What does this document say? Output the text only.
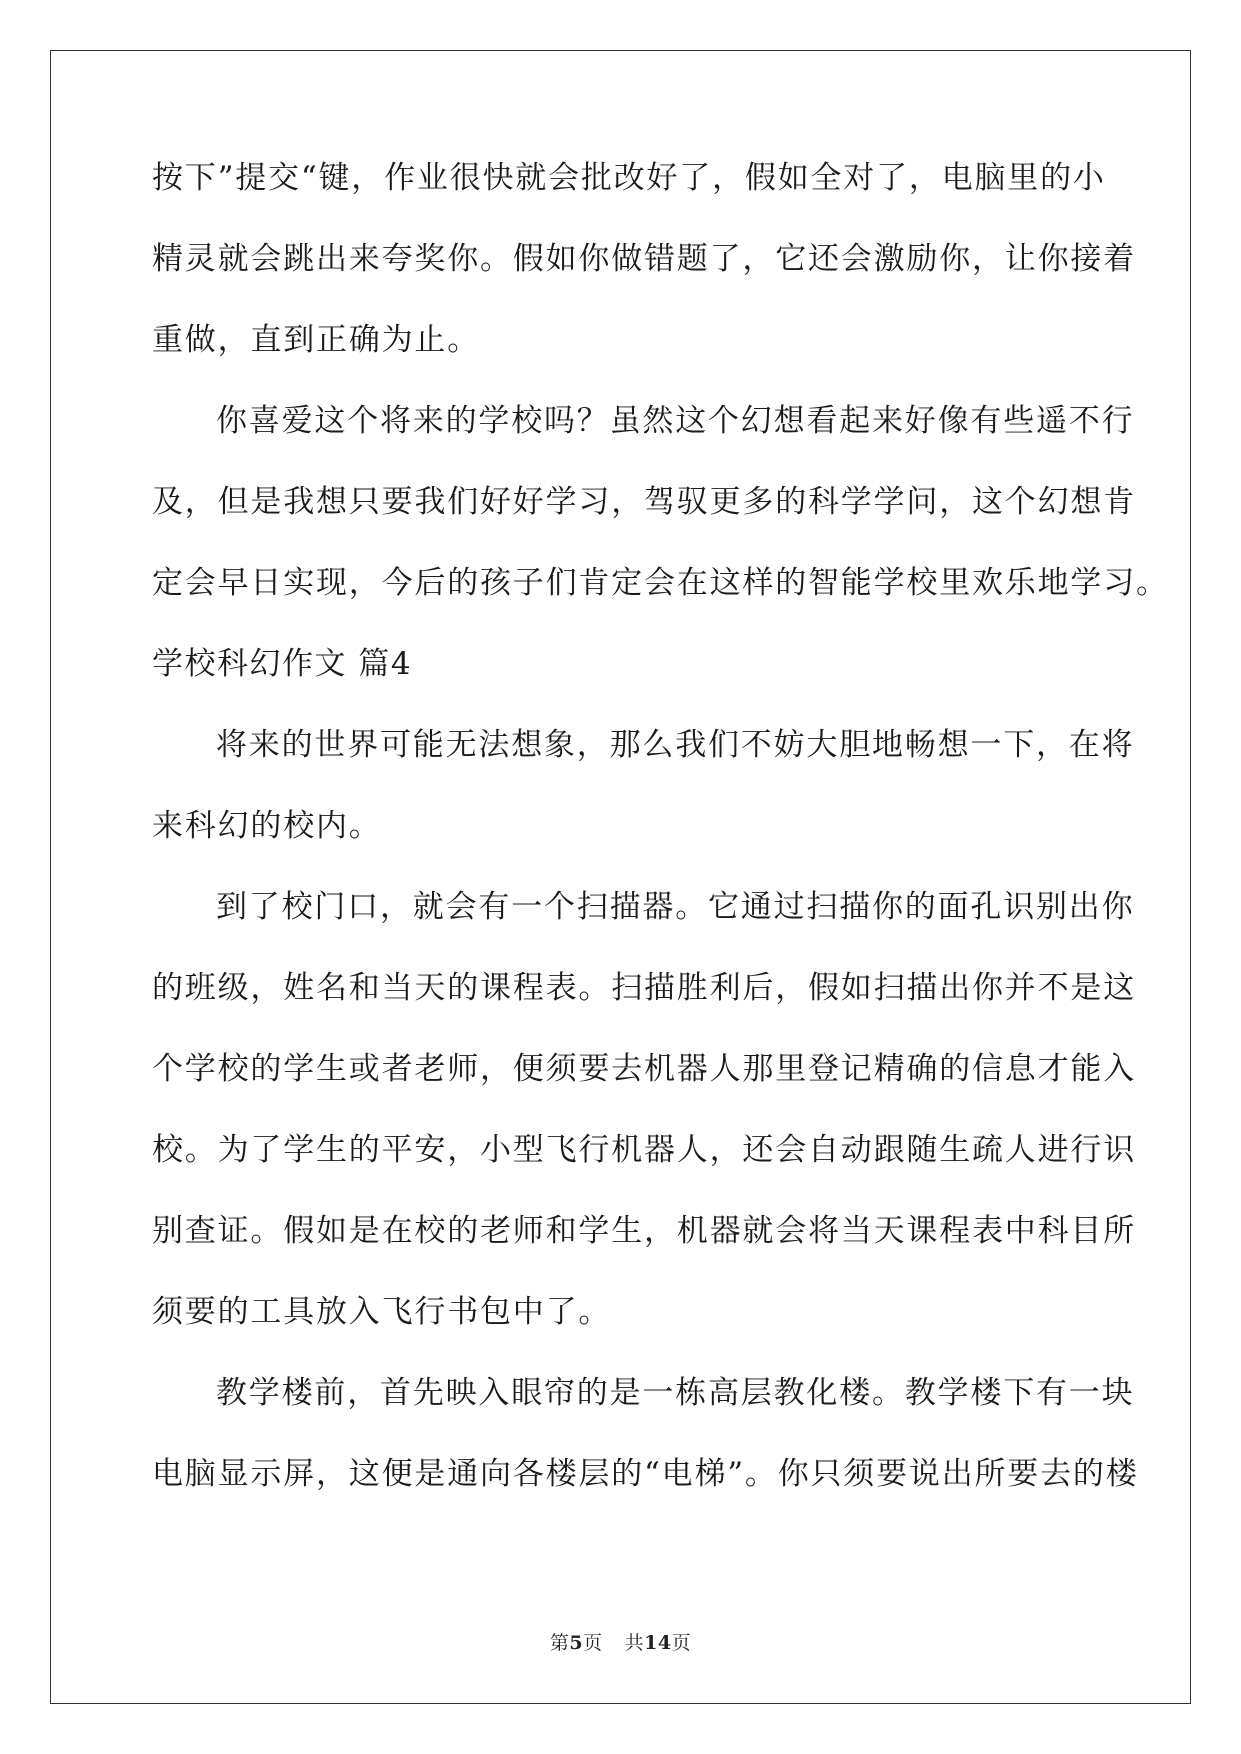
按下”提交“键，作业很快就会批改好了，假如全对了，电脑里的小
精灵就会跳出来夸奖你。假如你做错题了，它还会激励你，让你接着
重做，直到正确为止。
你喜爱这个将来的学校吗？虽然这个幻想看起来好像有些遥不行
及，但是我想只要我们好好学习，驾驭更多的科学学问，这个幻想肯
定会早日实现，今后的孩子们肯定会在这样的智能学校里欢乐地学习。
学校科幻作文 篇4
将来的世界可能无法想象，那么我们不妨大胆地畅想一下，在将
来科幻的校内。
到了校门口，就会有一个扫描器。它通过扫描你的面孔识别出你
的班级，姓名和当天的课程表。扫描胜利后，假如扫描出你并不是这
个学校的学生或者老师，便须要去机器人那里登记精确的信息才能入
校。为了学生的平安，小型飞行机器人，还会自动跟随生疏人进行识
别查证。假如是在校的老师和学生，机器就会将当天课程表中科目所
须要的工具放入飞行书包中了。
教学楼前，首先映入眼帘的是一栋高层教化楼。教学楼下有一块
电脑显示屏，这便是通向各楼层的“电梯”。你只须要说出所要去的楼
第5页 共14页
